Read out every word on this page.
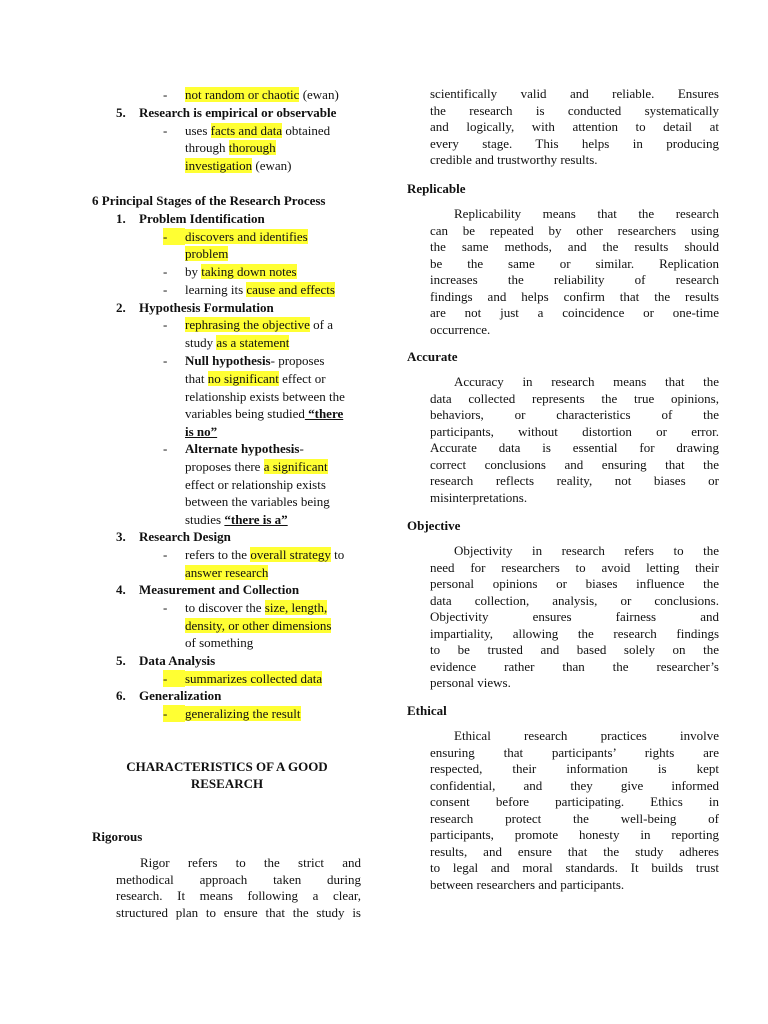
- not random or chaotic (ewan)
5. Research is empirical or observable
- uses facts and data obtained
through thorough
investigation (ewan)
6 Principal Stages of the Research Process
1. Problem Identification
-	discovers and identifies
problem
- by taking down notes
- learning its cause and effects
2. Hypothesis Formulation
- rephrasing the objective of a
study as a statement
- Null hypothesis- proposes
that no significant effect or
relationship exists between the
variables being studied “there
is no”
- Alternate hypothesis-
proposes there a significant
effect or relationship exists
between the variables being
studies “there is a”
3. Research Design
- refers to the overall strategy to
answer research
4. Measurement and Collection
- to discover the size, length,
density, or other dimensions
of something
5. Data Analysis
-	summarizes collected data
6. Generalization
-	generalizing the result
CHARACTERISTICS OF A GOOD
RESEARCH
Rigorous
Rigor refers to the strict and
methodical approach taken during
research. It means following a clear,
structured plan to ensure that the study is
scientifically valid and reliable. Ensures
the research is conducted systematically
and logically, with attention to detail at
every stage. This helps in producing
credible and trustworthy results.
Replicable
Replicability means that the research
can be repeated by other researchers using
the same methods, and the results should
be the same or similar. Replication
increases the reliability of research
findings and helps confirm that the results
are not just a coincidence or one-time
occurrence.
Accurate
Accuracy in research means that the
data collected represents the true opinions,
behaviors, or characteristics of the
participants, without distortion or error.
Accurate data is essential for drawing
correct conclusions and ensuring that the
research reflects reality, not biases or
misinterpretations.
Objective
Objectivity in research refers to the
need for researchers to avoid letting their
personal opinions or biases influence the
data collection, analysis, or conclusions.
Objectivity ensures fairness and
impartiality, allowing the research findings
to be trusted and based solely on the
evidence rather than the researcher’s
personal views.
Ethical
Ethical research practices involve
ensuring that participants’ rights are
respected, their information is kept
confidential, and they give informed
consent before participating. Ethics in
research protect the well-being of
participants, promote honesty in reporting
results, and ensure that the study adheres
to legal and moral standards. It builds trust
between researchers and participants.
